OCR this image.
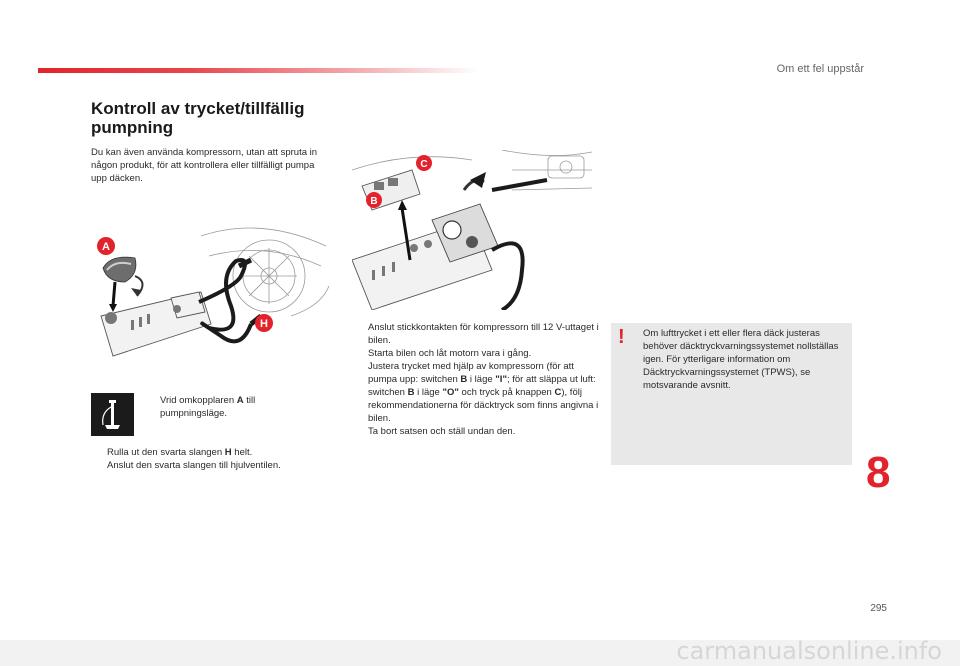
Om ett fel uppstår
Kontroll av trycket/tillfällig pumpning
Du kan även använda kompressorn, utan att spruta in någon produkt, för att kontrollera eller tillfälligt pumpa upp däcken.
A
H
B
C
Vrid omkopplaren A till pumpningsläge.
Rulla ut den svarta slangen H helt.
Anslut den svarta slangen till hjulventilen.
Anslut stickkontakten för kompressorn till 12 V-uttaget i bilen.
Starta bilen och låt motorn vara i gång.
Justera trycket med hjälp av kompressorn (för att pumpa upp: switchen B i läge "I"; för att släppa ut luft: switchen B i läge "O" och tryck på knappen C), följ rekommendationerna för däcktryck som finns angivna i bilen.
Ta bort satsen och ställ undan den.
! Om lufttrycket i ett eller flera däck justeras behöver däcktryckvarningssystemet nollställas igen. För ytterligare information om Däcktryckvarningssystemet (TPWS), se motsvarande avsnitt.
8
295
carmanualsonline.info
